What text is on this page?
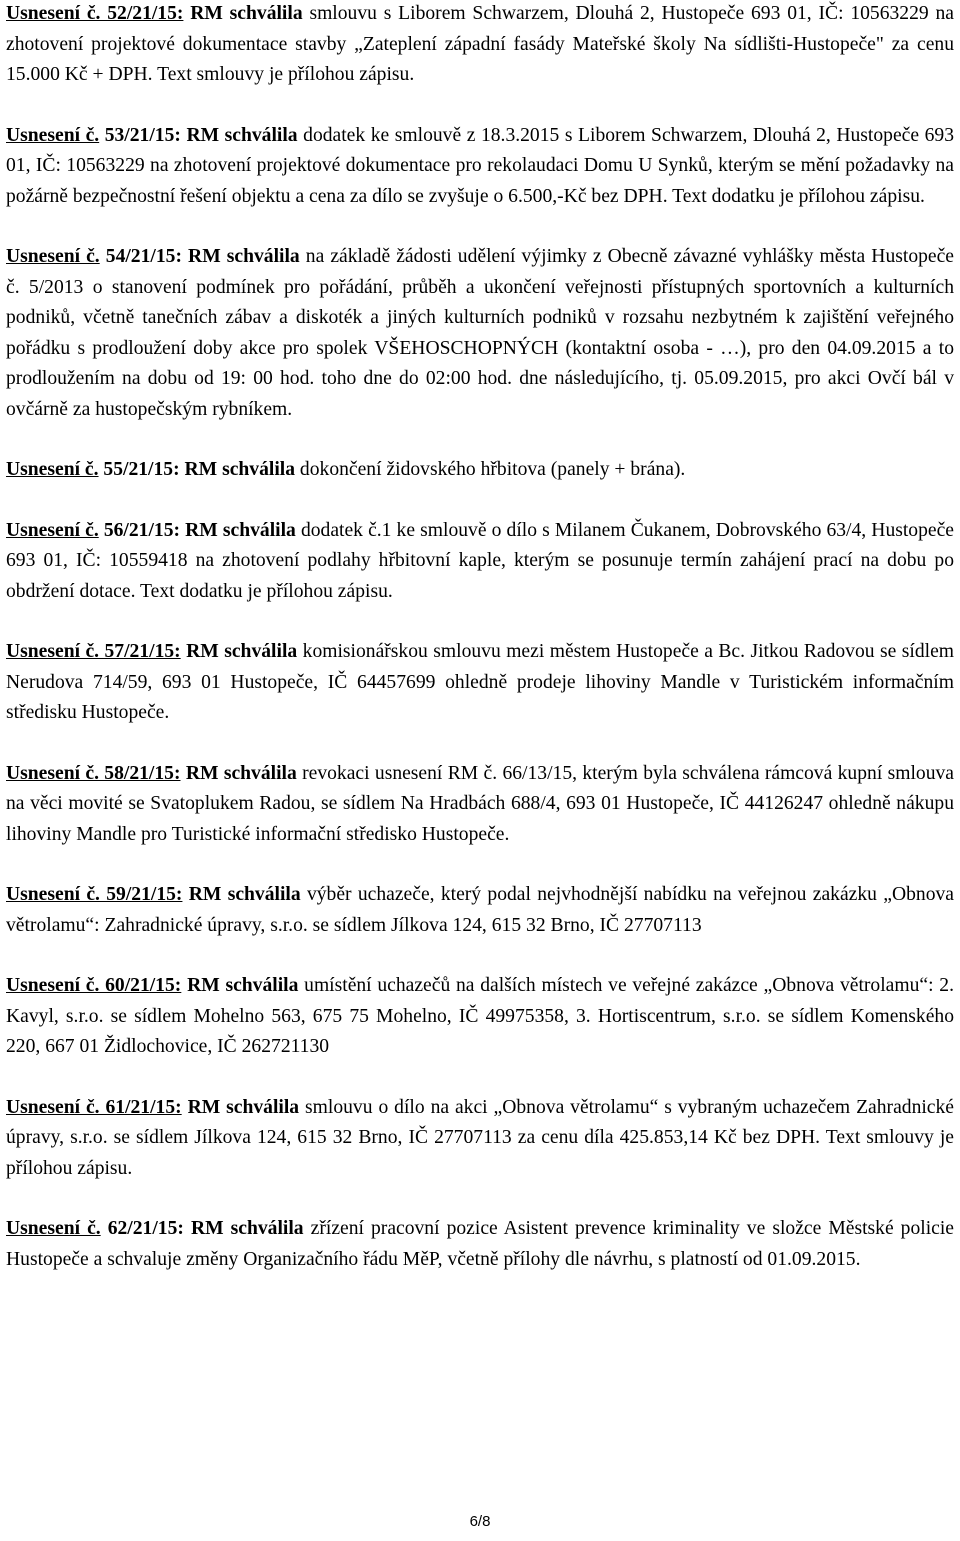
Usnesení č. 52/21/15: RM schválila smlouvu s Liborem Schwarzem, Dlouhá 2, Hustopeče 693 01, IČ: 10563229 na zhotovení projektové dokumentace stavby „Zateplení západní fasády Mateřské školy Na sídlišti-Hustopeče" za cenu 15.000 Kč + DPH. Text smlouvy je přílohou zápisu.

Usnesení č. 53/21/15: RM schválila dodatek ke smlouvě z 18.3.2015 s Liborem Schwarzem, Dlouhá 2, Hustopeče 693 01, IČ: 10563229 na zhotovení projektové dokumentace pro rekolaudaci Domu U Synků, kterým se mění požadavky na požárně bezpečnostní řešení objektu a cena za dílo se zvyšuje o 6.500,-Kč bez DPH. Text dodatku je přílohou zápisu.

Usnesení č. 54/21/15: RM schválila na základě žádosti udělení výjimky z Obecně závazné vyhlášky města Hustopeče č. 5/2013 o stanovení podmínek pro pořádání, průběh a ukončení veřejnosti přístupných sportovních a kulturních podniků, včetně tanečních zábav a diskoték a jiných kulturních podniků v rozsahu nezbytném k zajištění veřejného pořádku s prodloužení doby akce pro spolek VŠEHOSCHOPNÝCH (kontaktní osoba - …), pro den 04.09.2015 a to prodloužením na dobu od 19: 00 hod. toho dne do 02:00 hod. dne následujícího, tj. 05.09.2015, pro akci Ovčí bál v ovčárně za hustopečským rybníkem.

Usnesení č. 55/21/15: RM schválila dokončení židovského hřbitova (panely + brána).

Usnesení č. 56/21/15: RM schválila dodatek č.1 ke smlouvě o dílo s Milanem Čukanem, Dobrovského 63/4, Hustopeče 693 01, IČ: 10559418 na zhotovení podlahy hřbitovní kaple, kterým se posunuje termín zahájení prací na dobu po obdržení dotace. Text dodatku je přílohou zápisu.

Usnesení č. 57/21/15: RM schválila komisionářskou smlouvu mezi městem Hustopeče a Bc. Jitkou Radovou se sídlem Nerudova 714/59, 693 01 Hustopeče, IČ 64457699 ohledně prodeje lihoviny Mandle v Turistickém informačním středisku Hustopeče.

Usnesení č. 58/21/15: RM schválila revokaci usnesení RM č. 66/13/15, kterým byla schválena rámcová kupní smlouva na věci movité se Svatoplukem Radou, se sídlem Na Hradbách 688/4, 693 01 Hustopeče, IČ 44126247 ohledně nákupu lihoviny Mandle pro Turistické informační středisko Hustopeče.

Usnesení č. 59/21/15: RM schválila výběr uchazeče, který podal nejvhodnější nabídku na veřejnou zakázku „Obnova větrolamu“: Zahradnické úpravy, s.r.o. se sídlem Jílkova 124, 615 32 Brno, IČ 27707113

Usnesení č. 60/21/15: RM schválila umístění uchazečů na dalších místech ve veřejné zakázce „Obnova větrolamu“: 2. Kavyl, s.r.o. se sídlem Mohelno 563, 675 75 Mohelno, IČ 49975358, 3. Hortiscentrum, s.r.o. se sídlem Komenského 220, 667 01 Židlochovice, IČ 262721130

Usnesení č. 61/21/15: RM schválila smlouvu o dílo na akci „Obnova větrolamu“ s vybraným uchazečem Zahradnické úpravy, s.r.o. se sídlem Jílkova 124, 615 32 Brno, IČ 27707113 za cenu díla 425.853,14 Kč bez DPH. Text smlouvy je přílohou zápisu.

Usnesení č. 62/21/15: RM schválila zřízení pracovní pozice Asistent prevence kriminality ve složce Městské policie Hustopeče a schvaluje změny Organizačního řádu MěP, včetně přílohy dle návrhu, s platností od 01.09.2015.

6/8
